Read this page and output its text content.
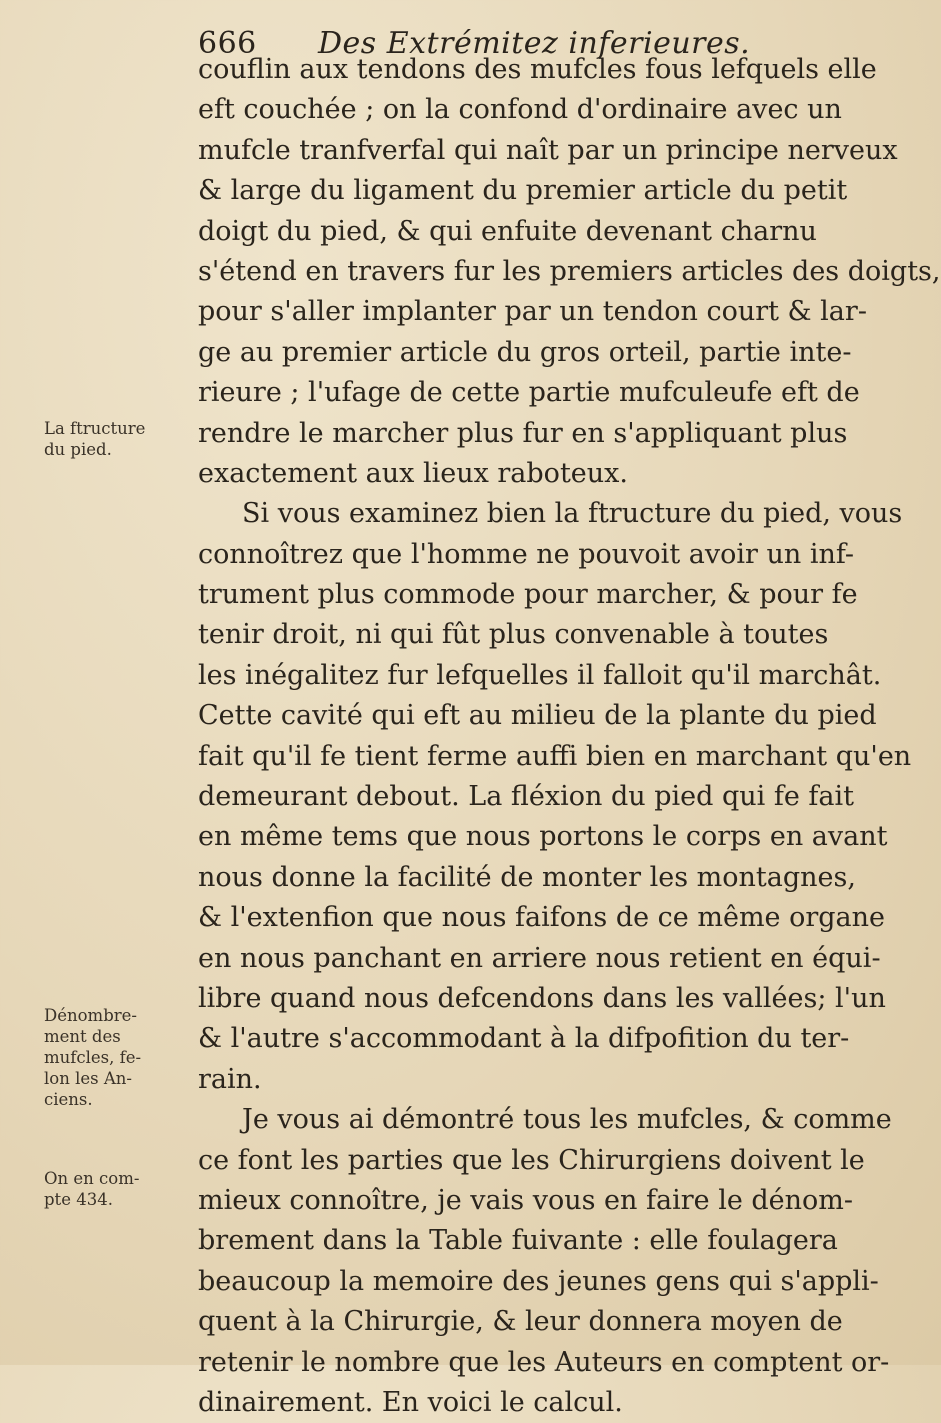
666 Des Extrémitez inferieures.
La ftructure
du pied.
Dénombre-
ment des
mufcles, fe-
lon les An-
ciens.
On en com-
pte 434.
couflin aux tendons des mufcles fous lefquels elle
eft couchée ; on la confond d'ordinaire avec un
mufcle tranfverfal qui naît par un principe nerveux
& large du ligament du premier article du petit
doigt du pied, & qui enfuite devenant charnu
s'étend en travers fur les premiers articles des doigts,
pour s'aller implanter par un tendon court & lar-
ge au premier article du gros orteil, partie inte-
rieure ; l'ufage de cette partie mufculeufe eft de
rendre le marcher plus fur en s'appliquant plus
exactement aux lieux raboteux.
Si vous examinez bien la ftructure du pied, vous
connoîtrez que l'homme ne pouvoit avoir un inf-
trument plus commode pour marcher, & pour fe
tenir droit, ni qui fût plus convenable à toutes
les inégalitez fur lefquelles il falloit qu'il marchât.
Cette cavité qui eft au milieu de la plante du pied
fait qu'il fe tient ferme auffi bien en marchant qu'en
demeurant debout. La fléxion du pied qui fe fait
en même tems que nous portons le corps en avant
nous donne la facilité de monter les montagnes,
& l'extenfion que nous faifons de ce même organe
en nous panchant en arriere nous retient en équi-
libre quand nous defcendons dans les vallées; l'un
& l'autre s'accommodant à la difpofition du ter-
rain.
Je vous ai démontré tous les mufcles, & comme
ce font les parties que les Chirurgiens doivent le
mieux connoître, je vais vous en faire le dénom-
brement dans la Table fuivante : elle foulagera
beaucoup la memoire des jeunes gens qui s'appli-
quent à la Chirurgie, & leur donnera moyen de
retenir le nombre que les Auteurs en comptent or-
dinairement. En voici le calcul.
